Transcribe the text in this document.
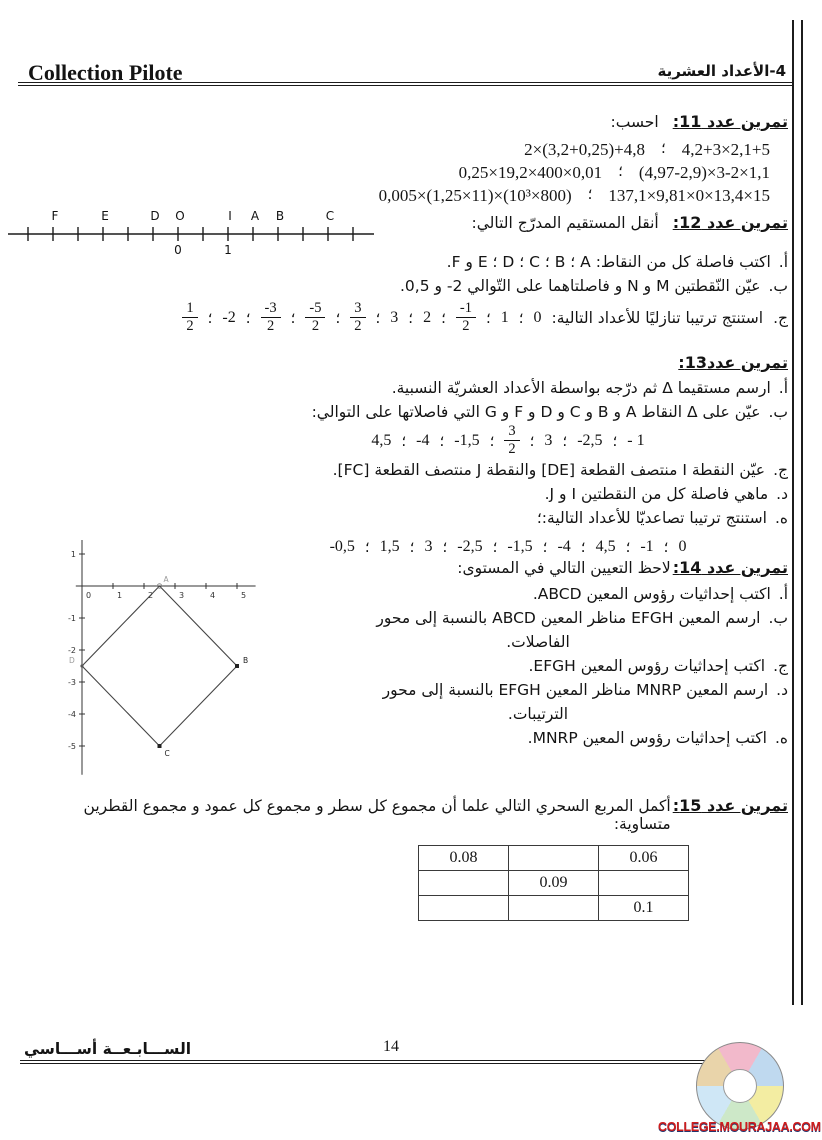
Collection Pilote	4-الأعداد العشرية
تمرين عدد 11:
احسب:
4,2+3×2,1+5
؛
2×(3,2+0,25)+4,8
(4,97-2,9)×3-2×1,1
؛
0,25×19,2×400×0,01
137,1×9,81×0×13,4×15
؛
0,005×(1,25×11)×(10³×800)
تمرين عدد 12:
أنقل المستقيم المدرّج التالي:
F	E	D O	I A B	C
0	1
أ.
اكتب فاصلة كل من النقاط: A ؛ B ؛ C ؛ D ؛ E و F.
ب.
عيّن النّقطتين M و N و فاصلتاهما على التّوالي 2- و 0,5.
ج.
استنتج ترتيبا تنازليًا للأعداد التالية:
0
؛
1
؛
$\frac{-1}{2}$
؛
2
؛
3
؛
$\frac{3}{2}$
؛
$\frac{-5}{2}$
؛
$\frac{-3}{2}$
؛
-2
؛
$\frac{1}{2}$
تمرين عدد13:
أ.
ارسم مستقيما Δ ثم درّجه بواسطة الأعداد العشريّة النسبية.
ب.
عيّن على Δ النقاط A و B و C و D و F و G التي فاصلاتها على التوالي:
- 1
؛
-2,5
؛
3
؛
$\frac{3}{2}$
؛
-1,5
؛
-4
؛
4,5
ج.
عيّن النقطة I منتصف القطعة [DE] والنقطة J منتصف القطعة [FC].
د.
ماهي فاصلة كل من النقطتين I و J.
ه.
استنتج ترتيبا تصاعديّا للأعداد التالية:؛
0
؛
-1
؛
4,5
؛
-4
؛
-1,5
؛
-2,5
؛
3
؛
1,5
؛
-0,5
تمرين عدد 14:
لاحظ التعيين التالي في المستوى:
أ.
اكتب إحداثيات رؤوس المعين ABCD.
ب.
ارسم المعين EFGH مناظر المعين ABCD بالنسبة إلى محور
الفاصلات.
ج.
اكتب إحداثيات رؤوس المعين EFGH.
د.
ارسم المعين MNRP مناظر المعين EFGH بالنسبة إلى محور
الترتيبات.
ه.
اكتب إحداثيات رؤوس المعين MNRP.
0	1	2	3	4	5
1
-1
-2
-3
-4
-5
A
B
C
D
تمرين عدد 15:
أكمل المربع السحري التالي علما أن مجموع كل سطر و مجموع كل عمود و مجموع القطرين متساوية:
0.08		0.06
	0.09	
		0.1
الســـابـعــة أســـاسي	14
COLLEGE.MOURAJAA.COM
